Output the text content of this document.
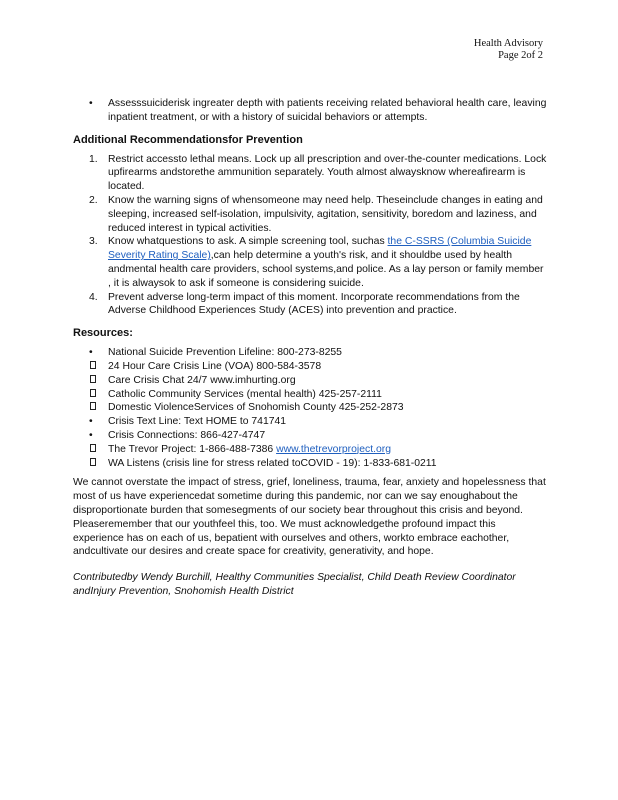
Health Advisory
Page 2of 2
• Assesssuiciderisk ingreater depth with patients receiving related behavioral health care, leaving inpatient treatment, or with a history of suicidal behaviors or attempts.
Additional Recommendationsfor Prevention
1. Restrict accessto lethal means. Lock up all prescription and over-the-counter medications. Lock upfirearms andstorethe ammunition separately. Youth almost alwaysknow whereafirearm is located.
2. Know the warning signs of whensomeone may need help. Theseinclude changes in eating and sleeping, increased self-isolation, impulsivity, agitation, sensitivity, boredom and laziness, and reduced interest in typical activities.
3. Know whatquestions to ask. A simple screening tool, suchas the C-SSRS (Columbia Suicide Severity Rating Scale),can help determine a youth's risk, and it shouldbe used by health andmental health care providers, school systems,and police. As a lay person or family member , it is alwaysok to ask if someone is considering suicide.
4. Prevent adverse long-term impact of this moment. Incorporate recommendations from the Adverse Childhood Experiences Study (ACES) into prevention and practice.
Resources:
• National Suicide Prevention Lifeline: 800-273-8255
24 Hour Care Crisis Line (VOA) 800-584-3578
Care Crisis Chat 24/7 www.imhurting.org
Catholic Community Services (mental health) 425-257-2111
Domestic ViolenceServices of Snohomish County 425-252-2873
• Crisis Text Line: Text HOME to 741741
• Crisis Connections: 866-427-4747
The Trevor Project: 1-866-488-7386 www.thetrevorproject.org
WA Listens (crisis line for stress related toCOVID - 19): 1-833-681-0211

We cannot overstate the impact of stress, grief, loneliness, trauma, fear, anxiety and hopelessness that most of us have experiencedat sometime during this pandemic, nor can we say enoughabout the disproportionate burden that somesegments of our society bear throughout this crisis and beyond. Pleaseremember that our youthfeel this, too. We must acknowledgethe profound impact this experience has on each of us, bepatient with ourselves and others, workto embrace eachother, andcultivate our desires and create space for creativity, generativity, and hope.

Contributedby Wendy Burchill, Healthy Communities Specialist, Child Death Review Coordinator andInjury Prevention, Snohomish Health District
